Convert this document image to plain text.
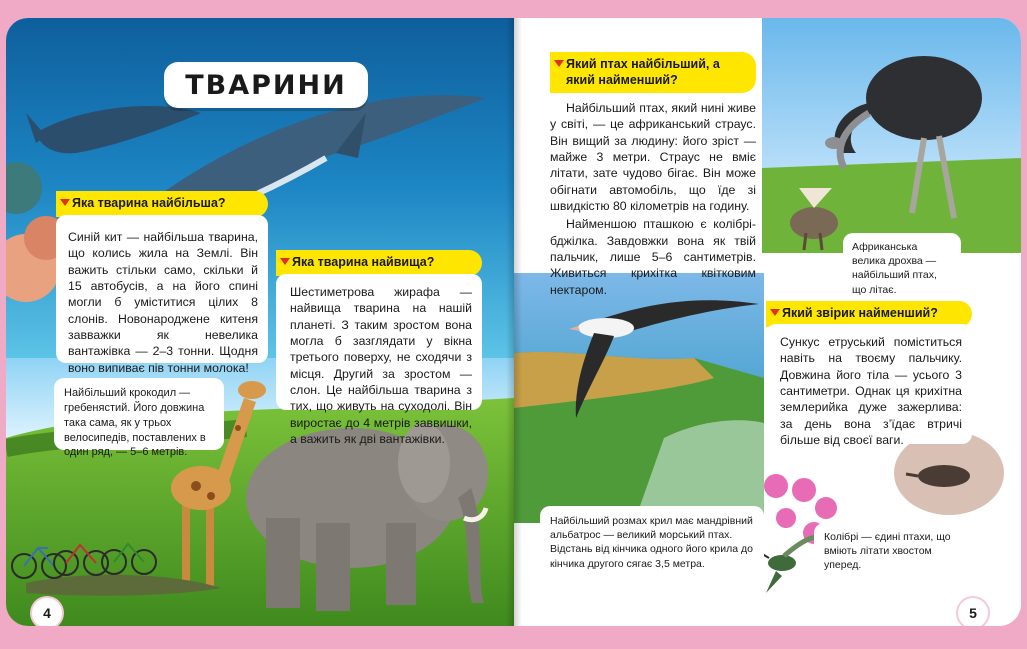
ТВАРИНИ
Яка тварина найбільша?
Синій кит — найбільша тварина, що колись жила на Землі. Він важить стільки само, скільки й 15 автобусів, а на його спині могли б уміститися цілих 8 слонів. Новонароджене китеня завважки як невелика вантажівка — 2–3 тонни. Щодня воно випиває пів тонни молока!
Яка тварина найвища?
Шестиметрова жирафа — найвища тварина на нашій планеті. З таким зростом вона могла б зазглядати у вікна третього поверху, не сходячи з місця. Другий за зростом — слон. Це найбільша тварина з тих, що живуть на суходолі. Він виростає до 4 метрів заввишки, а важить як дві вантажівки.
Найбільший крокодил — гребенястий. Його довжина така сама, як у трьох велосипедів, поставлених в один ряд, — 5–6 метрів.
4
Який птах найбільший, а який найменший?

Найбільший птах, який нині живе у світі, — це африканський страус. Він вищий за людину: його зріст — майже 3 метри. Страус не вміє літати, зате чудово бігає. Він може обігнати автомобіль, що їде зі швидкістю 80 кілометрів на годину.

Найменшою пташкою є колібрі-бджілка. Завдовжки вона як твій пальчик, лише 5–6 сантиметрів. Живиться крихітка квітковим нектаром.

Африканська велика дрохва — найбільший птах, що літає.
Який звірик найменший?
Сункус етруський поміститься навіть на твоєму пальчику. Довжина його тіла — усього 3 сантиметри. Однак ця крихітна землерийка дуже зажерлива: за день вона з’їдає втричі більше від своєї ваги.
Найбільший розмах крил має мандрівний альбатрос — великий морський птах. Відстань від кінчика одного його крила до кінчика другого сягає 3,5 метра.
Колібрі — єдині птахи, що вміють літати хвостом уперед.
5
